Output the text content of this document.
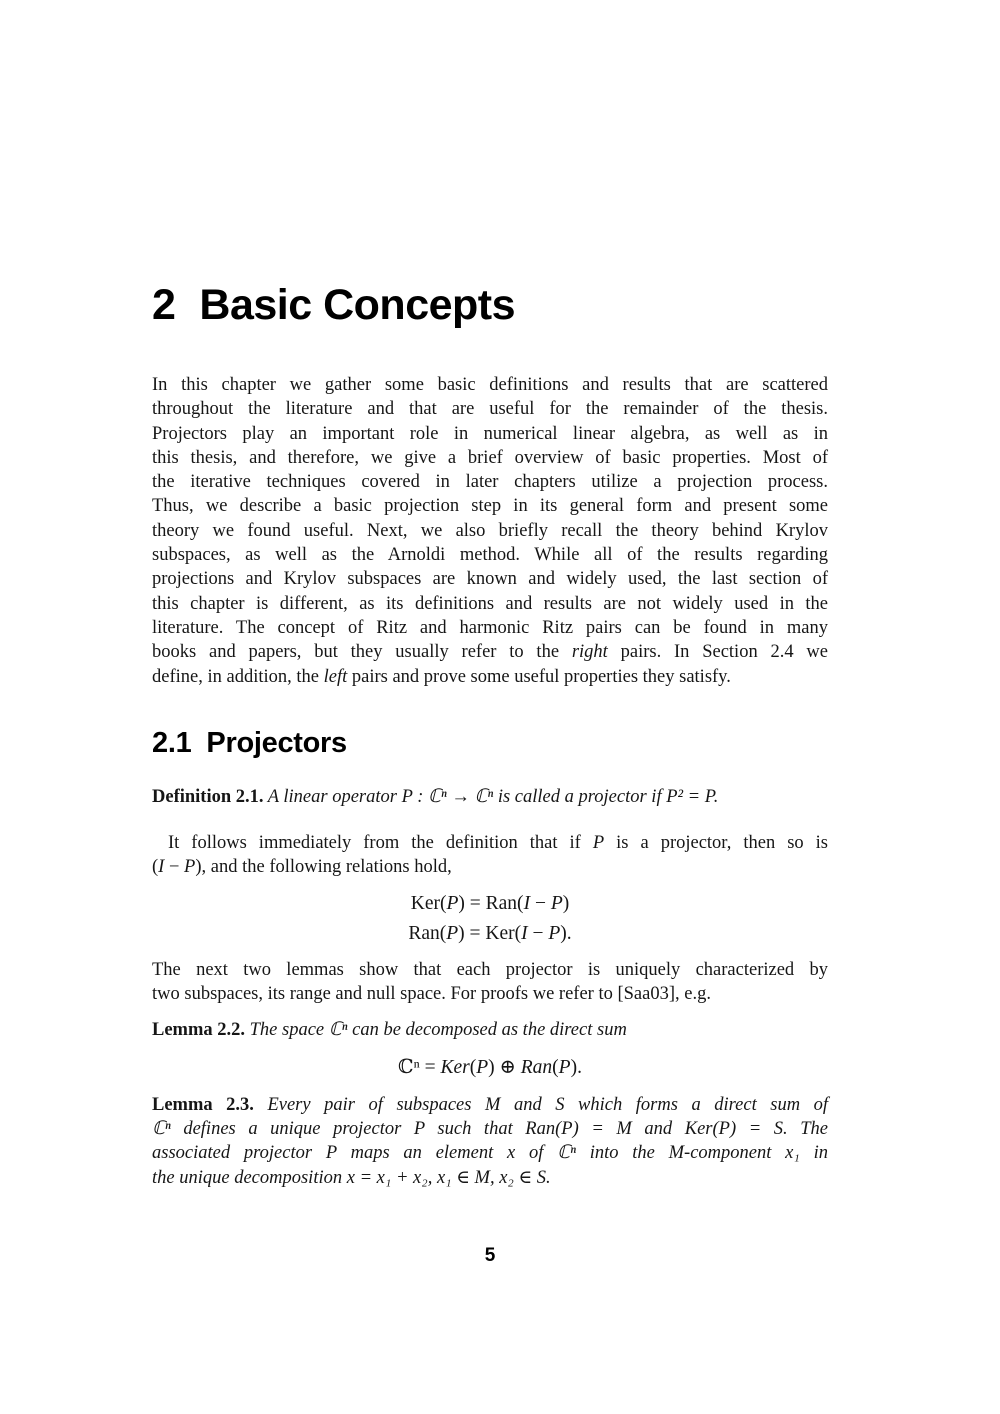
2 Basic Concepts
In this chapter we gather some basic definitions and results that are scattered
throughout the literature and that are useful for the remainder of the thesis.
Projectors play an important role in numerical linear algebra, as well as in
this thesis, and therefore, we give a brief overview of basic properties. Most of
the iterative techniques covered in later chapters utilize a projection process.
Thus, we describe a basic projection step in its general form and present some
theory we found useful. Next, we also briefly recall the theory behind Krylov
subspaces, as well as the Arnoldi method. While all of the results regarding
projections and Krylov subspaces are known and widely used, the last section of
this chapter is different, as its definitions and results are not widely used in the
literature. The concept of Ritz and harmonic Ritz pairs can be found in many
books and papers, but they usually refer to the right pairs. In Section 2.4 we
define, in addition, the left pairs and prove some useful properties they satisfy.
2.1 Projectors
Definition 2.1. A linear operator P : ℂⁿ → ℂⁿ is called a projector if P² = P.
It follows immediately from the definition that if P is a projector, then so is
(I − P), and the following relations hold,
Ker(P) = Ran(I − P)
Ran(P) = Ker(I − P).
The next two lemmas show that each projector is uniquely characterized by
two subspaces, its range and null space. For proofs we refer to [Saa03], e.g.
Lemma 2.2. The space ℂⁿ can be decomposed as the direct sum
ℂⁿ = Ker(P) ⊕ Ran(P).
Lemma 2.3. Every pair of subspaces M and S which forms a direct sum of
ℂⁿ defines a unique projector P such that Ran(P) = M and Ker(P) = S. The
associated projector P maps an element x of ℂⁿ into the M-component x₁ in
the unique decomposition x = x₁ + x₂, x₁ ∈ M, x₂ ∈ S.
5
